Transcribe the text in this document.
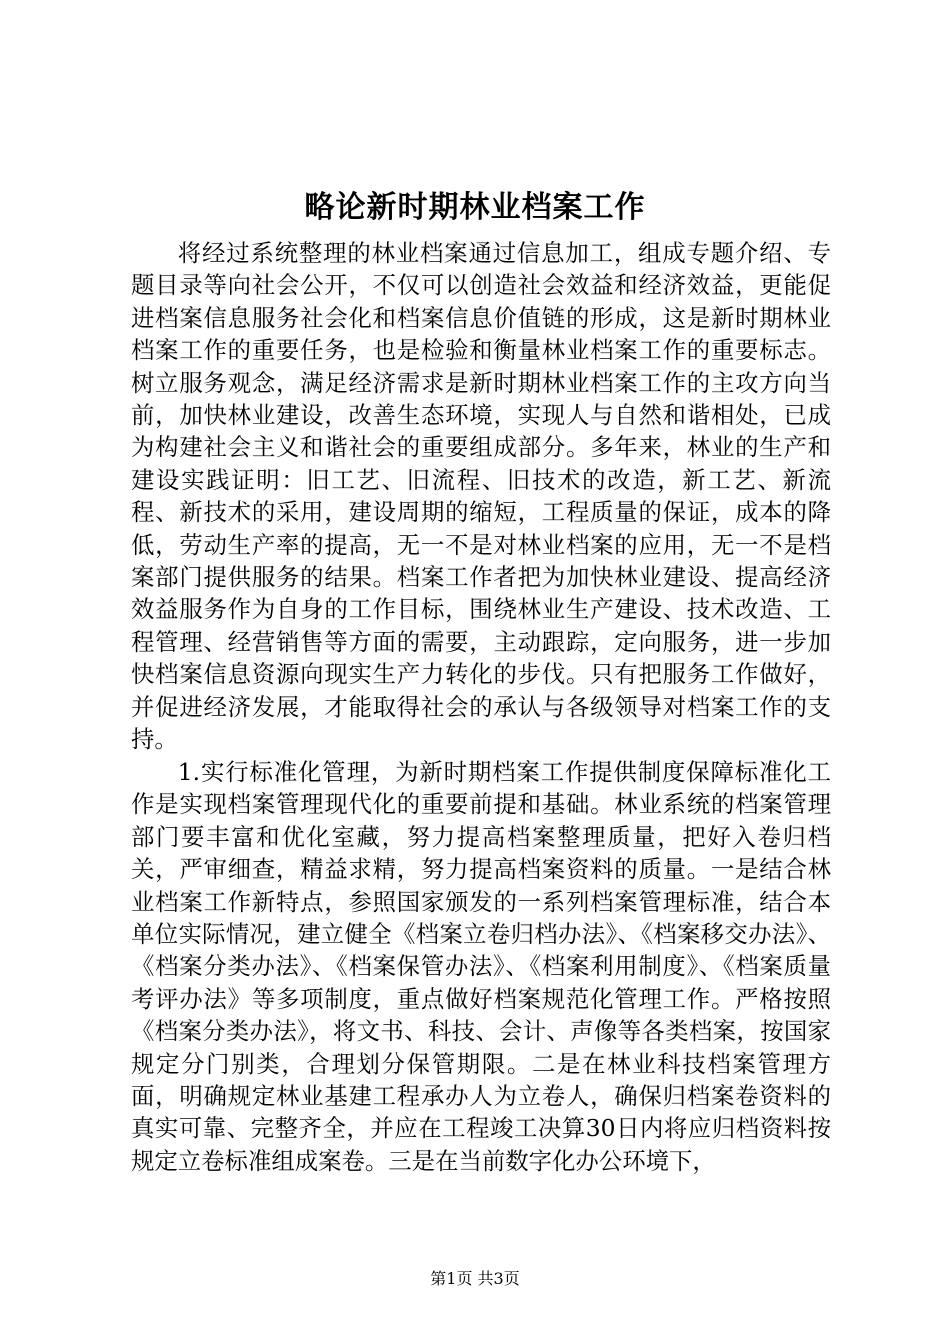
略论新时期林业档案工作

将经过系统整理的林业档案通过信息加工，组成专题介绍、专题目录等向社会公开，不仅可以创造社会效益和经济效益，更能促进档案信息服务社会化和档案信息价值链的形成，这是新时期林业档案工作的重要任务，也是检验和衡量林业档案工作的重要标志。树立服务观念，满足经济需求是新时期林业档案工作的主攻方向当前，加快林业建设，改善生态环境，实现人与自然和谐相处，已成为构建社会主义和谐社会的重要组成部分。多年来，林业的生产和建设实践证明：旧工艺、旧流程、旧技术的改造，新工艺、新流程、新技术的采用，建设周期的缩短，工程质量的保证，成本的降低，劳动生产率的提高，无一不是对林业档案的应用，无一不是档案部门提供服务的结果。档案工作者把为加快林业建设、提高经济效益服务作为自身的工作目标，围绕林业生产建设、技术改造、工程管理、经营销售等方面的需要，主动跟踪，定向服务，进一步加快档案信息资源向现实生产力转化的步伐。只有把服务工作做好，并促进经济发展，才能取得社会的承认与各级领导对档案工作的支持。

1.实行标准化管理，为新时期档案工作提供制度保障标准化工作是实现档案管理现代化的重要前提和基础。林业系统的档案管理部门要丰富和优化室藏，努力提高档案整理质量，把好入卷归档关，严审细查，精益求精，努力提高档案资料的质量。一是结合林业档案工作新特点，参照国家颁发的一系列档案管理标准，结合本单位实际情况，建立健全《档案立卷归档办法》、《档案移交办法》、《档案分类办法》、《档案保管办法》、《档案利用制度》、《档案质量考评办法》等多项制度，重点做好档案规范化管理工作。严格按照《档案分类办法》，将文书、科技、会计、声像等各类档案，按国家规定分门别类，合理划分保管期限。二是在林业科技档案管理方面，明确规定林业基建工程承办人为立卷人，确保归档案卷资料的真实可靠、完整齐全，并应在工程竣工决算30日内将应归档资料按规定立卷标准组成案卷。三是在当前数字化办公环境下，

第1页 共3页
